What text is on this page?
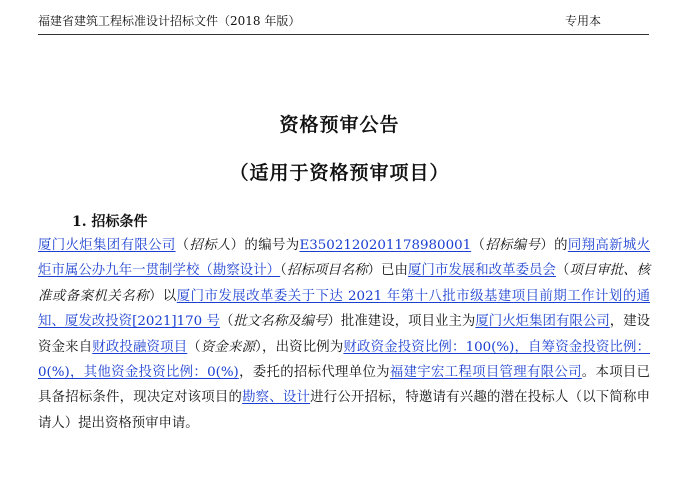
福建省建筑工程标准设计招标文件（2018 年版）	专用本
资格预审公告
（适用于资格预审项目）
1. 招标条件
厦门火炬集团有限公司（招标人）的编号为E3502120201178980001（招标编号）的同翔高新城火炬市属公办九年一贯制学校（勘察设计）（招标项目名称）已由厦门市发展和改革委员会（项目审批、核准或备案机关名称）以厦门市发展改革委关于下达 2021 年第十八批市级基建项目前期工作计划的通知、厦发改投资[2021]170 号（批文名称及编号）批准建设，项目业主为厦门火炬集团有限公司，建设资金来自财政投融资项目（资金来源），出资比例为财政资金投资比例：100(%)，自筹资金投资比例：0(%)，其他资金投资比例：0(%)，委托的招标代理单位为福建宇宏工程项目管理有限公司。本项目已具备招标条件，现决定对该项目的勘察、设计进行公开招标，特邀请有兴趣的潜在投标人（以下简称申请人）提出资格预审申请。
